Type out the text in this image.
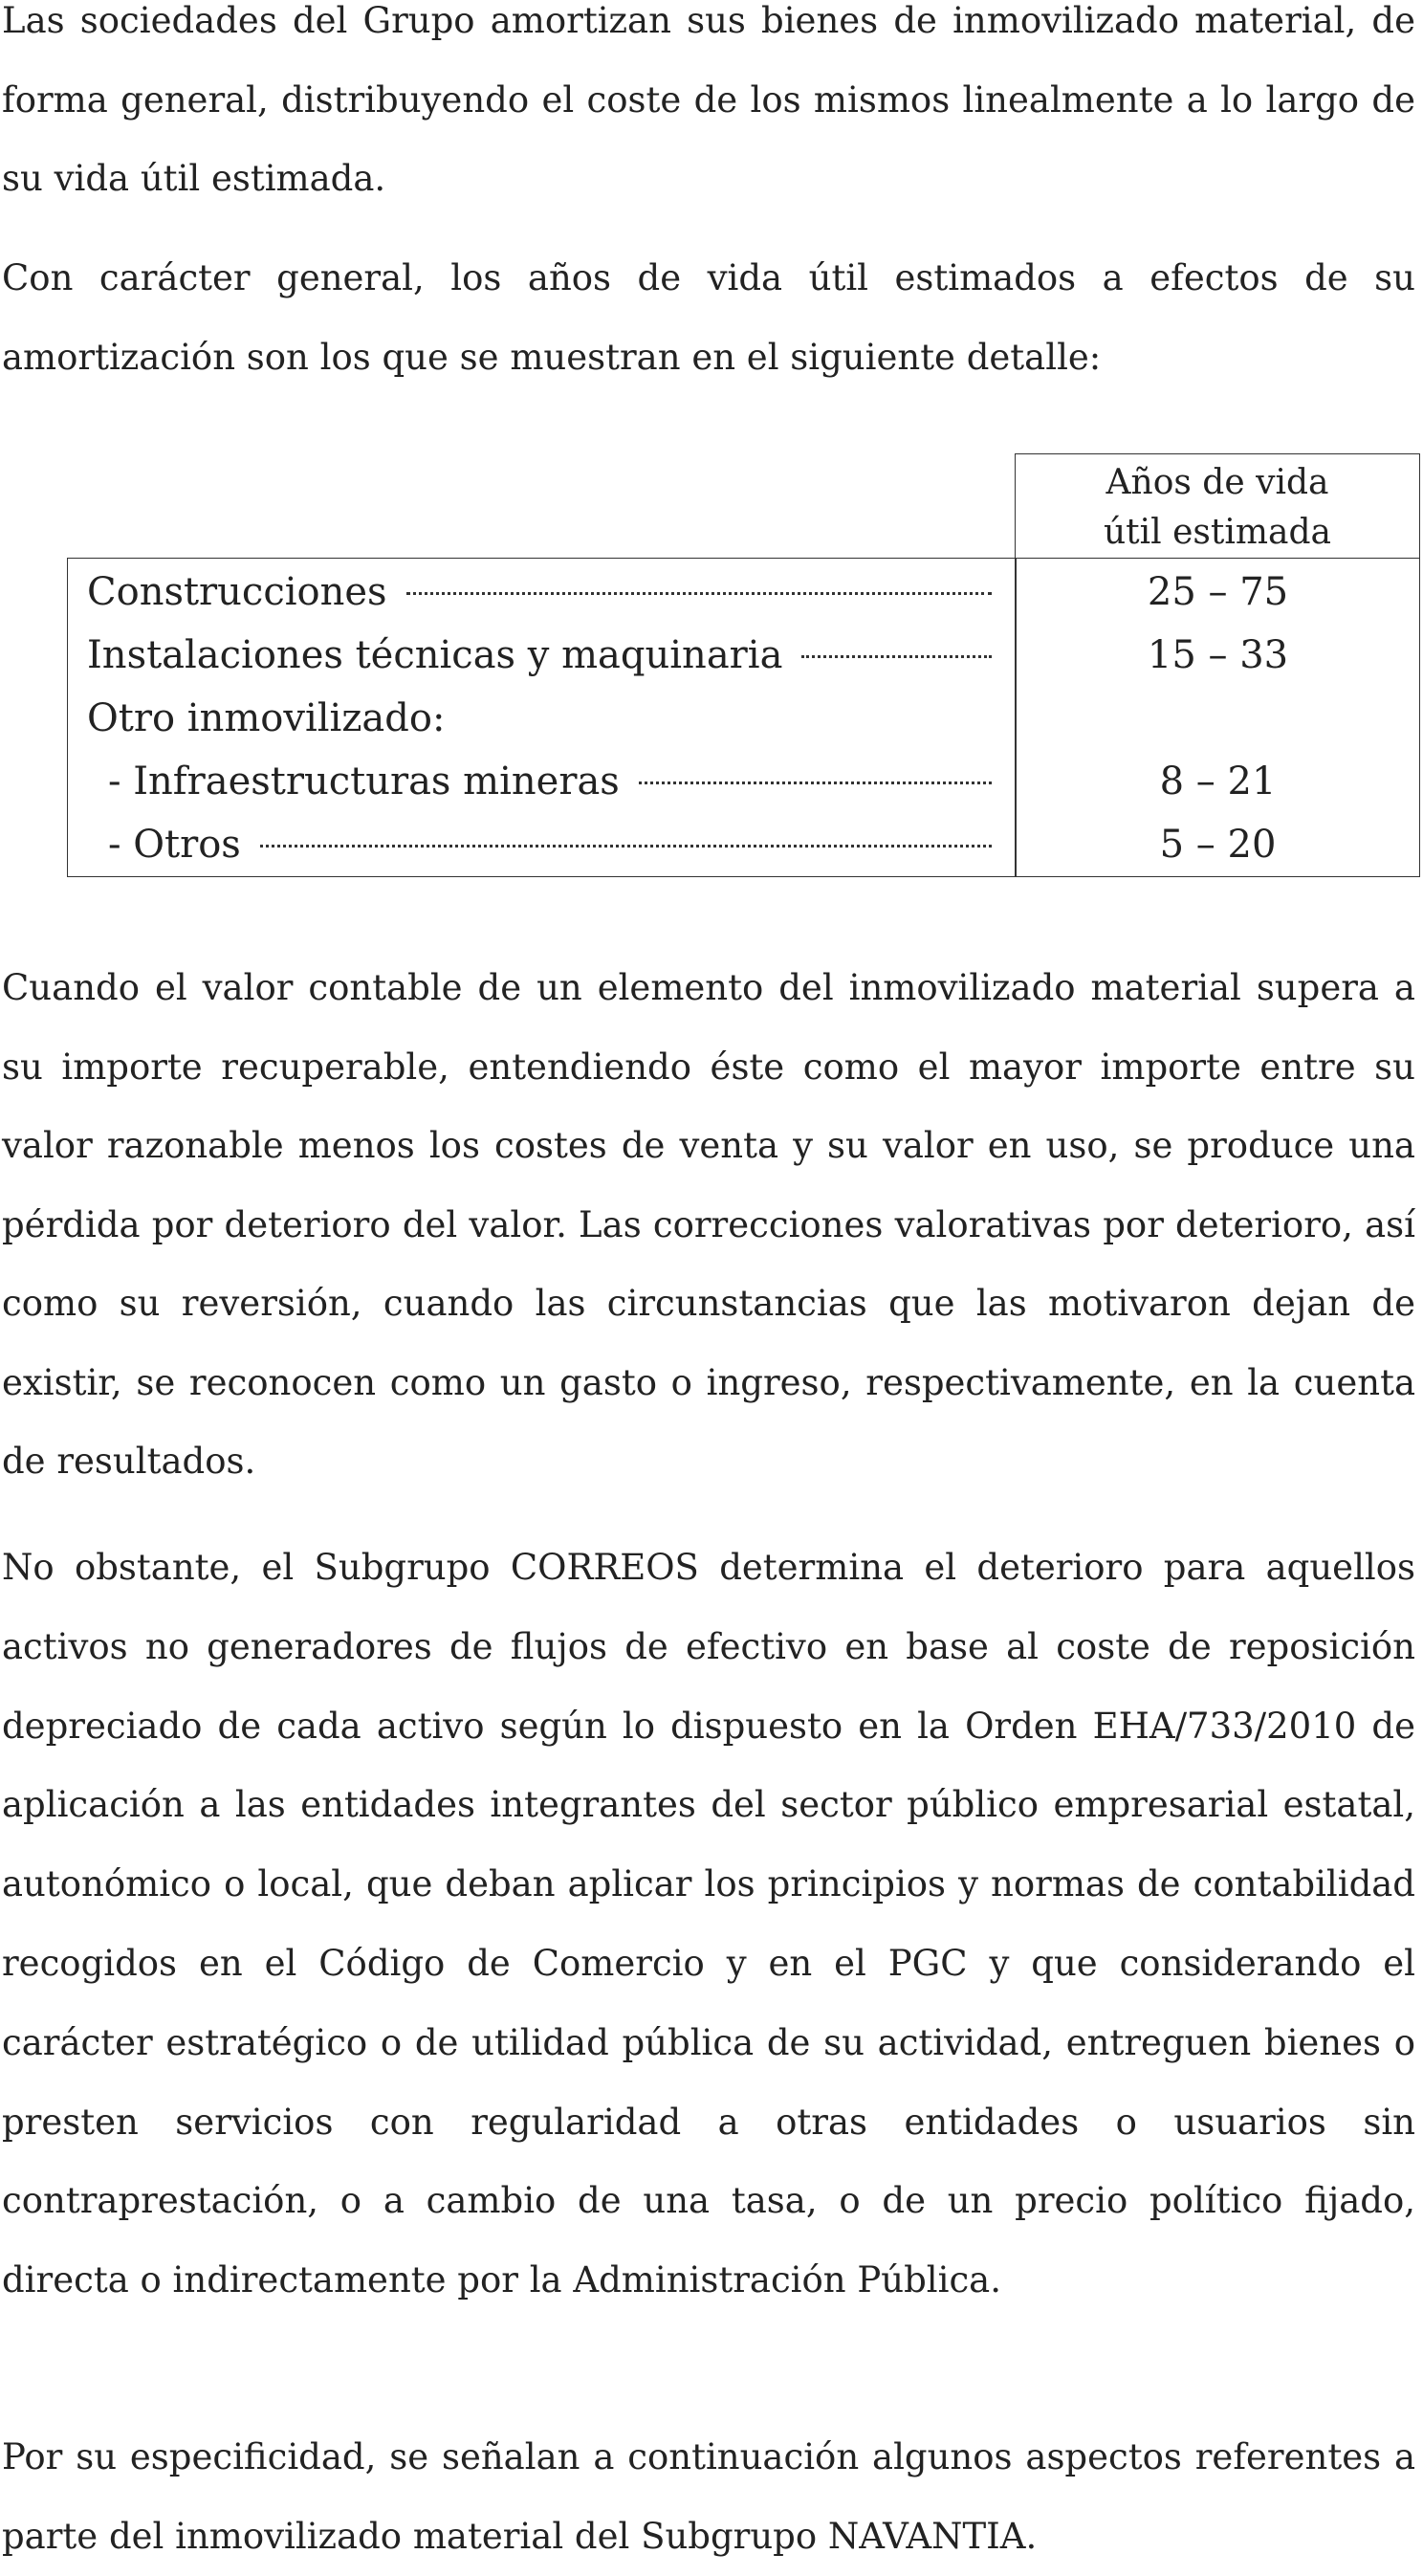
Las sociedades del Grupo amortizan sus bienes de inmovilizado material, de forma general, distribuyendo el coste de los mismos linealmente a lo largo de su vida útil estimada.

Con carácter general, los años de vida útil estimados a efectos de su amortización son los que se muestran en el siguiente detalle:

Años de vida
útil estimada
Construcciones	25 – 75
Instalaciones técnicas y maquinaria	15 – 33
Otro inmovilizado:
- Infraestructuras mineras	8 – 21
- Otros	5 – 20

Cuando el valor contable de un elemento del inmovilizado material supera a su importe recuperable, entendiendo éste como el mayor importe entre su valor razonable menos los costes de venta y su valor en uso, se produce una pérdida por deterioro del valor. Las correcciones valorativas por deterioro, así como su reversión, cuando las circunstancias que las motivaron dejan de existir, se reconocen como un gasto o ingreso, respectivamente, en la cuenta de resultados.

No obstante, el Subgrupo CORREOS determina el deterioro para aquellos activos no generadores de flujos de efectivo en base al coste de reposición depreciado de cada activo según lo dispuesto en la Orden EHA/733/2010 de aplicación a las entidades integrantes del sector público empresarial estatal, autonómico o local, que deban aplicar los principios y normas de contabilidad recogidos en el Código de Comercio y en el PGC y que considerando el carácter estratégico o de utilidad pública de su actividad, entreguen bienes o presten servicios con regularidad a otras entidades o usuarios sin contraprestación, o a cambio de una tasa, o de un precio político fijado, directa o indirectamente por la Administración Pública.

Por su especificidad, se señalan a continuación algunos aspectos referentes a parte del inmovilizado material del Subgrupo NAVANTIA.
